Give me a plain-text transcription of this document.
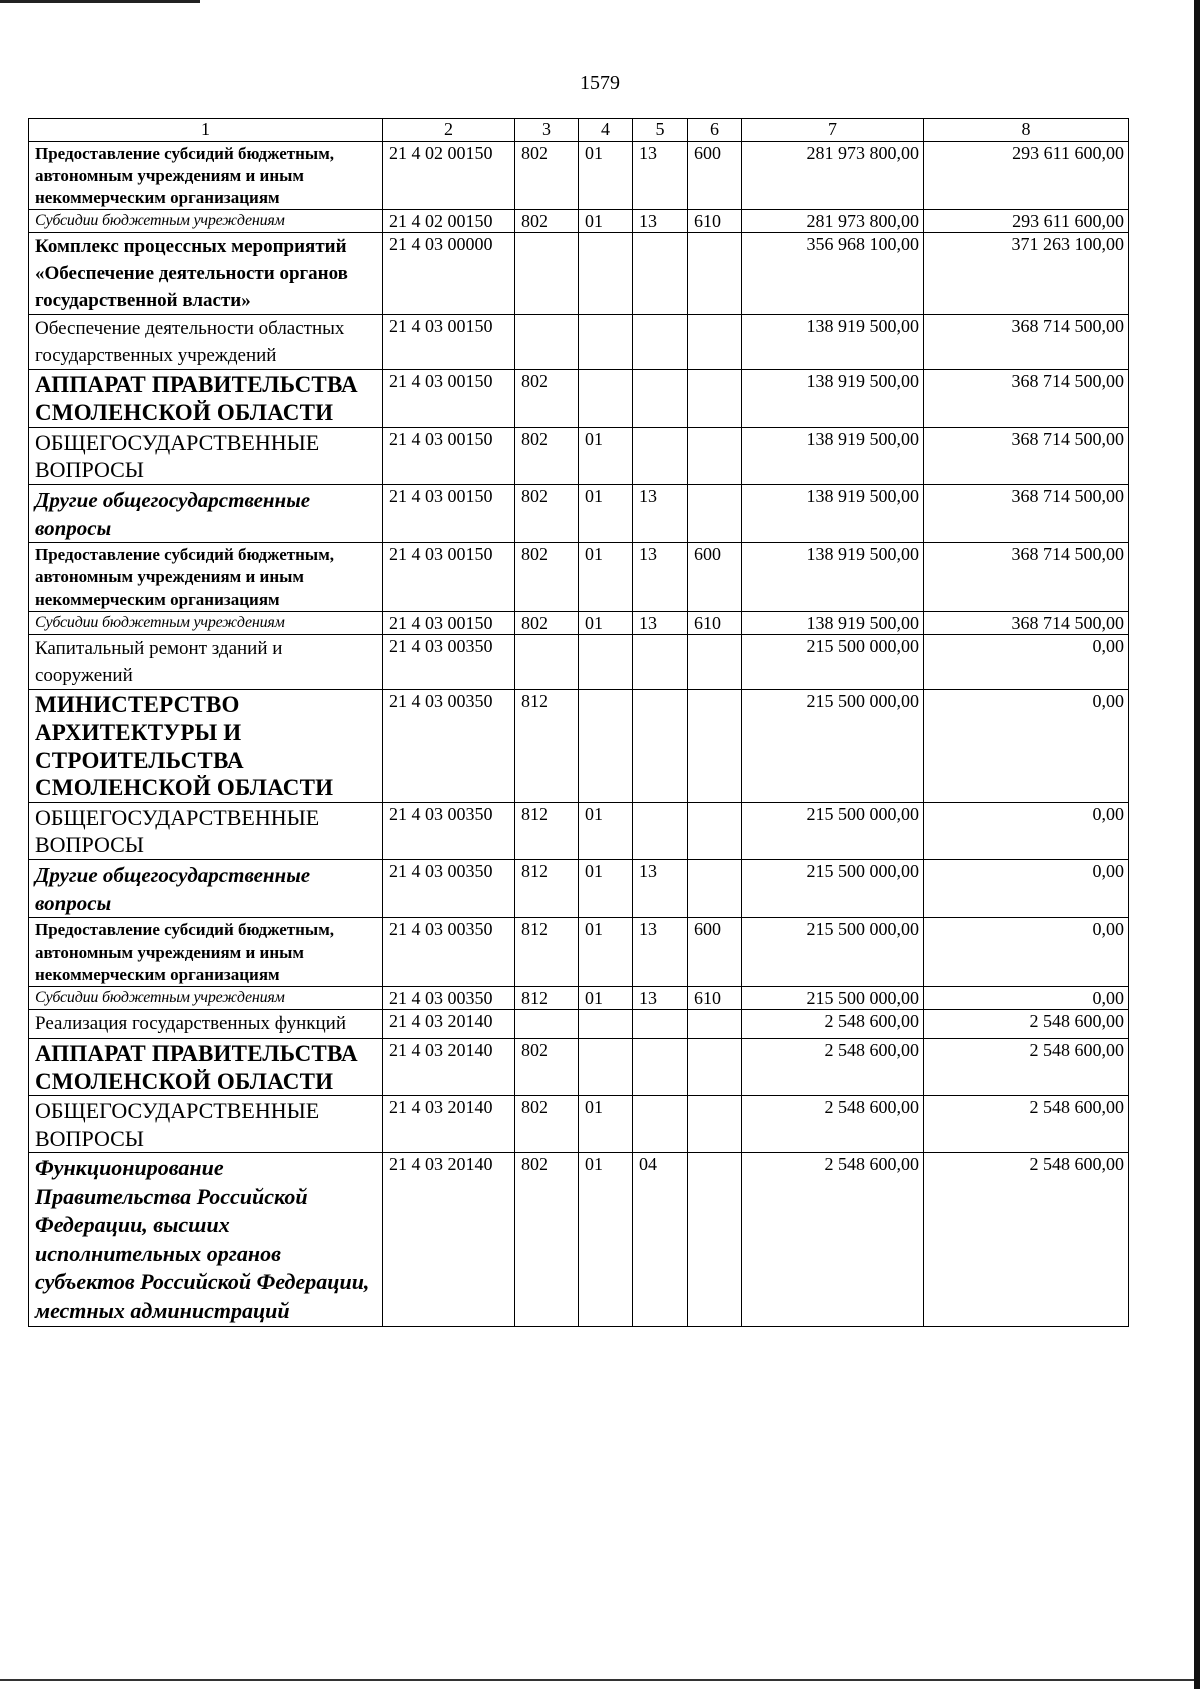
1579
1	2	3	4	5	6	7	8
Предоставление субсидий бюджетным, автономным учреждениям и иным некоммерческим организациям	21 4 02 00150	802	01	13	600	281 973 800,00	293 611 600,00
Субсидии бюджетным учреждениям	21 4 02 00150	802	01	13	610	281 973 800,00	293 611 600,00
Комплекс процессных мероприятий «Обеспечение деятельности органов государственной власти»	21 4 03 00000					356 968 100,00	371 263 100,00
Обеспечение деятельности областных государственных учреждений	21 4 03 00150					138 919 500,00	368 714 500,00
АППАРАТ ПРАВИТЕЛЬСТВА СМОЛЕНСКОЙ ОБЛАСТИ	21 4 03 00150	802				138 919 500,00	368 714 500,00
ОБЩЕГОСУДАРСТВЕННЫЕ ВОПРОСЫ	21 4 03 00150	802	01			138 919 500,00	368 714 500,00
Другие общегосударственные вопросы	21 4 03 00150	802	01	13		138 919 500,00	368 714 500,00
Предоставление субсидий бюджетным, автономным учреждениям и иным некоммерческим организациям	21 4 03 00150	802	01	13	600	138 919 500,00	368 714 500,00
Субсидии бюджетным учреждениям	21 4 03 00150	802	01	13	610	138 919 500,00	368 714 500,00
Капитальный ремонт зданий и сооружений	21 4 03 00350					215 500 000,00	0,00
МИНИСТЕРСТВО АРХИТЕКТУРЫ И СТРОИТЕЛЬСТВА СМОЛЕНСКОЙ ОБЛАСТИ	21 4 03 00350	812				215 500 000,00	0,00
ОБЩЕГОСУДАРСТВЕННЫЕ ВОПРОСЫ	21 4 03 00350	812	01			215 500 000,00	0,00
Другие общегосударственные вопросы	21 4 03 00350	812	01	13		215 500 000,00	0,00
Предоставление субсидий бюджетным, автономным учреждениям и иным некоммерческим организациям	21 4 03 00350	812	01	13	600	215 500 000,00	0,00
Субсидии бюджетным учреждениям	21 4 03 00350	812	01	13	610	215 500 000,00	0,00
Реализация государственных функций	21 4 03 20140					2 548 600,00	2 548 600,00
АППАРАТ ПРАВИТЕЛЬСТВА СМОЛЕНСКОЙ ОБЛАСТИ	21 4 03 20140	802				2 548 600,00	2 548 600,00
ОБЩЕГОСУДАРСТВЕННЫЕ ВОПРОСЫ	21 4 03 20140	802	01			2 548 600,00	2 548 600,00
Функционирование Правительства Российской Федерации, высших исполнительных органов субъектов Российской Федерации, местных администраций	21 4 03 20140	802	01	04		2 548 600,00	2 548 600,00
